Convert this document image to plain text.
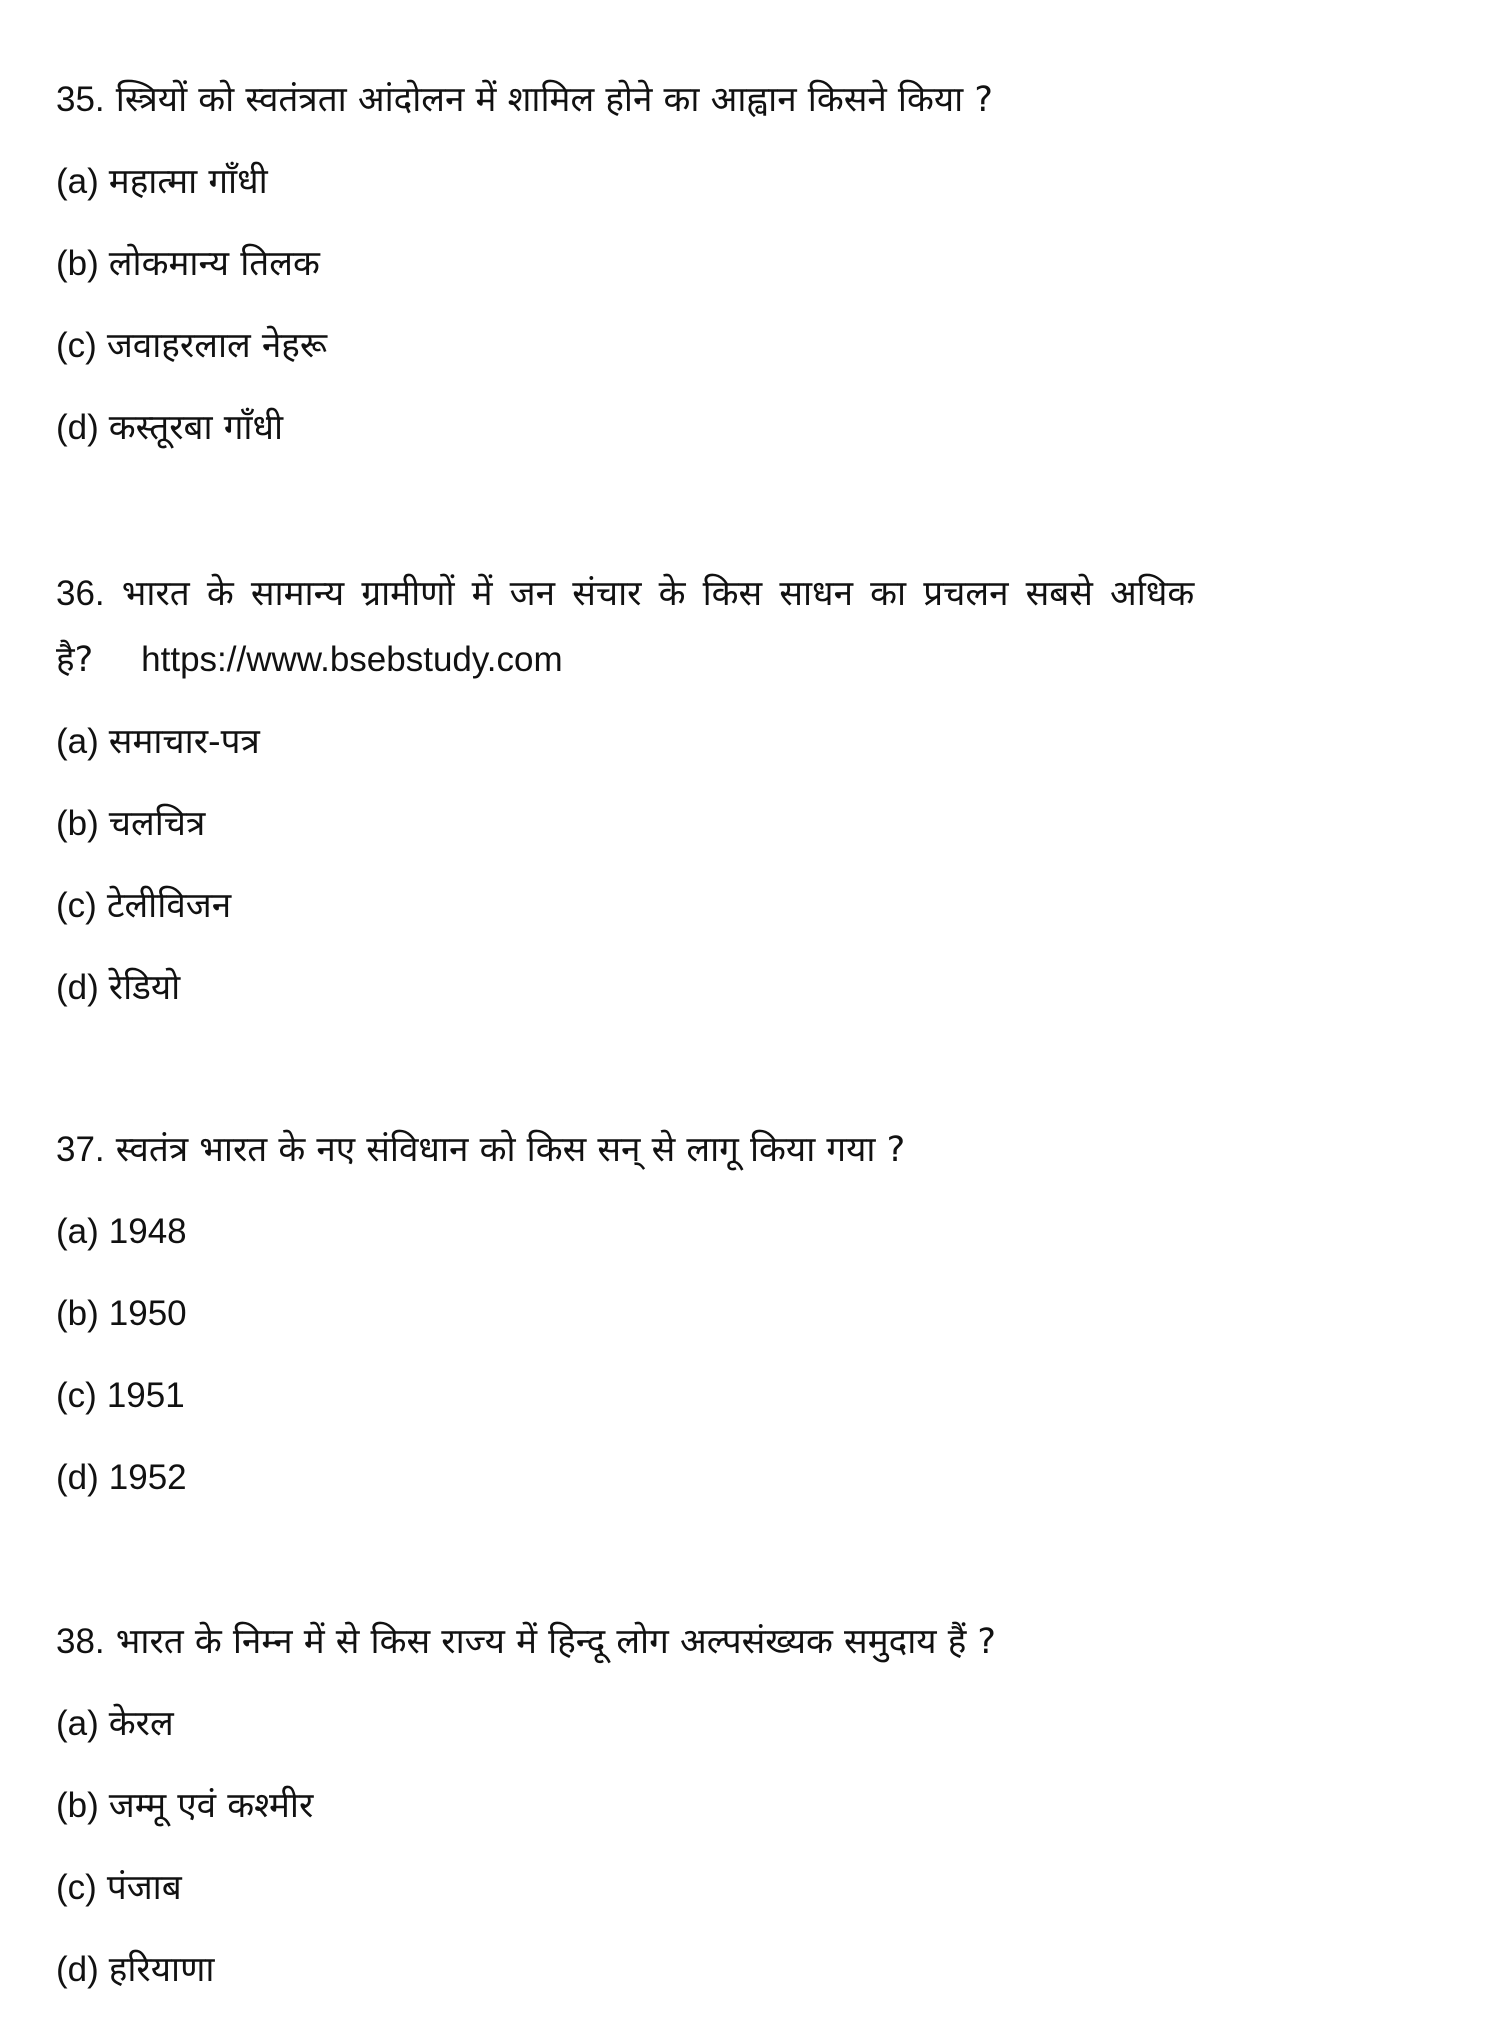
35. स्त्रियों को स्वतंत्रता आंदोलन में शामिल होने का आह्वान किसने किया ?
(a) महात्मा गाँधी
(b) लोकमान्य तिलक
(c) जवाहरलाल नेहरू
(d) कस्तूरबा गाँधी
36. भारत के सामान्य ग्रामीणों में जन संचार के किस साधन का प्रचलन सबसे अधिक
है? https://www.bsebstudy.com
(a) समाचार-पत्र
(b) चलचित्र
(c) टेलीविजन
(d) रेडियो
37. स्वतंत्र भारत के नए संविधान को किस सन् से लागू किया गया ?
(a) 1948
(b) 1950
(c) 1951
(d) 1952
38. भारत के निम्न में से किस राज्य में हिन्दू लोग अल्पसंख्यक समुदाय हैं ?
(a) केरल
(b) जम्मू एवं कश्मीर
(c) पंजाब
(d) हरियाणा
